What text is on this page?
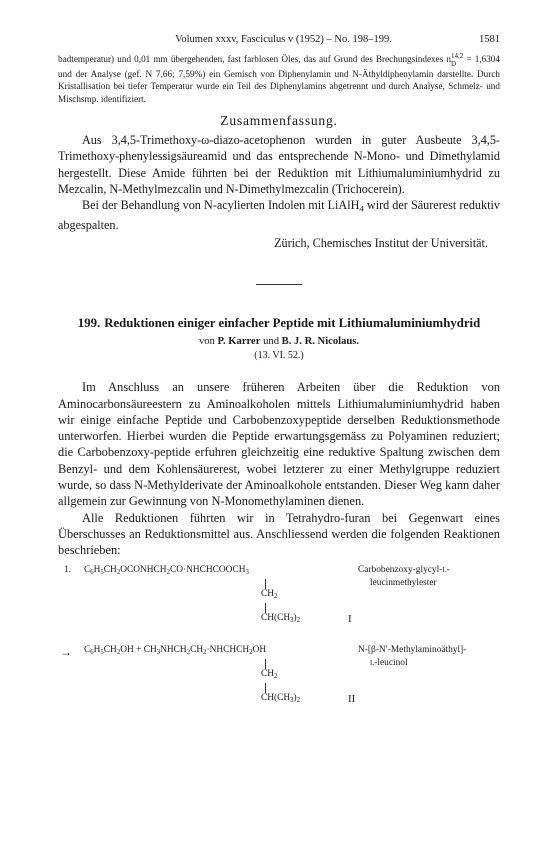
Volumen xxxv, Fasciculus v (1952) – No. 198–199.	1581

badtemperatur) und 0,01 mm übergehenden, fast farblosen Öles, das auf Grund des Brechungsindexes n 14,2
D = 1,6304 und der Analyse (gef. N 7,66; 7,59%) ein Gemisch von Diphenylamin und N-Äthyldiphenylamin darstellte. Durch Kristallisation bei tiefer Temperatur wurde ein Teil des Diphenylamins abgetrennt und durch Analyse, Schmelz- und Mischsmp. identifiziert.

Zusammenfassung.

Aus 3,4,5-Trimethoxy-ω-diazo-acetophenon wurden in guter Ausbeute 3,4,5-Trimethoxy-phenylessigsäureamid und das entsprechende N-Mono- und Dimethylamid hergestellt. Diese Amide führten bei der Reduktion mit Lithiumaluminiumhydrid zu Mezcalin, N-Methylmezcalin und N-Dimethylmezcalin (Trichocerein).

Bei der Behandlung von N-acylierten Indolen mit LiAlH$_4$ wird der Säurerest reduktiv abgespalten.

Zürich, Chemisches Institut der Universität.

199. Reduktionen einiger einfacher Peptide mit Lithiumaluminiumhydrid
von P. Karrer und B. J. R. Nicolaus.
(13. VI. 52.)

Im Anschluss an unsere früheren Arbeiten über die Reduktion von Aminocarbonsäureestern zu Aminoalkoholen mittels Lithiumaluminiumhydrid haben wir einige einfache Peptide und Carbobenzoxypeptide derselben Reduktionsmethode unterworfen. Hierbei wurden die Peptide erwartungsgemäss zu Polyaminen reduziert; die Carbobenzoxy-peptide erfuhren gleichzeitig eine reduktive Spaltung zwischen dem Benzyl- und dem Kohlensäurerest, wobei letzterer zu einer Methylgruppe reduziert wurde, so dass N-Methylderivate der Aminoalkohole entstanden. Dieser Weg kann daher allgemein zur Gewinnung von N-Monomethylaminen dienen.

Alle Reduktionen führten wir in Tetrahydro-furan bei Gegenwart eines Überschusses an Reduktionsmittel aus. Anschliessend werden die folgenden Reaktionen beschrieben:

1. $C_6H_5CH_2OCONHCH_2CO\cdot NHCHCOOCH_3$
$CH_2$
$CH(CH_3)_2$	I
Carbobenzoxy-glycyl-l-
leucinmethylester
→ $C_6H_5CH_2OH$ + $CH_3NHCH_2CH_2\cdot NHCHCH_2OH$
$CH_2$
$CH(CH_3)_2$	II
N-[β-N′-Methylaminoäthyl]-
l-leucinol
